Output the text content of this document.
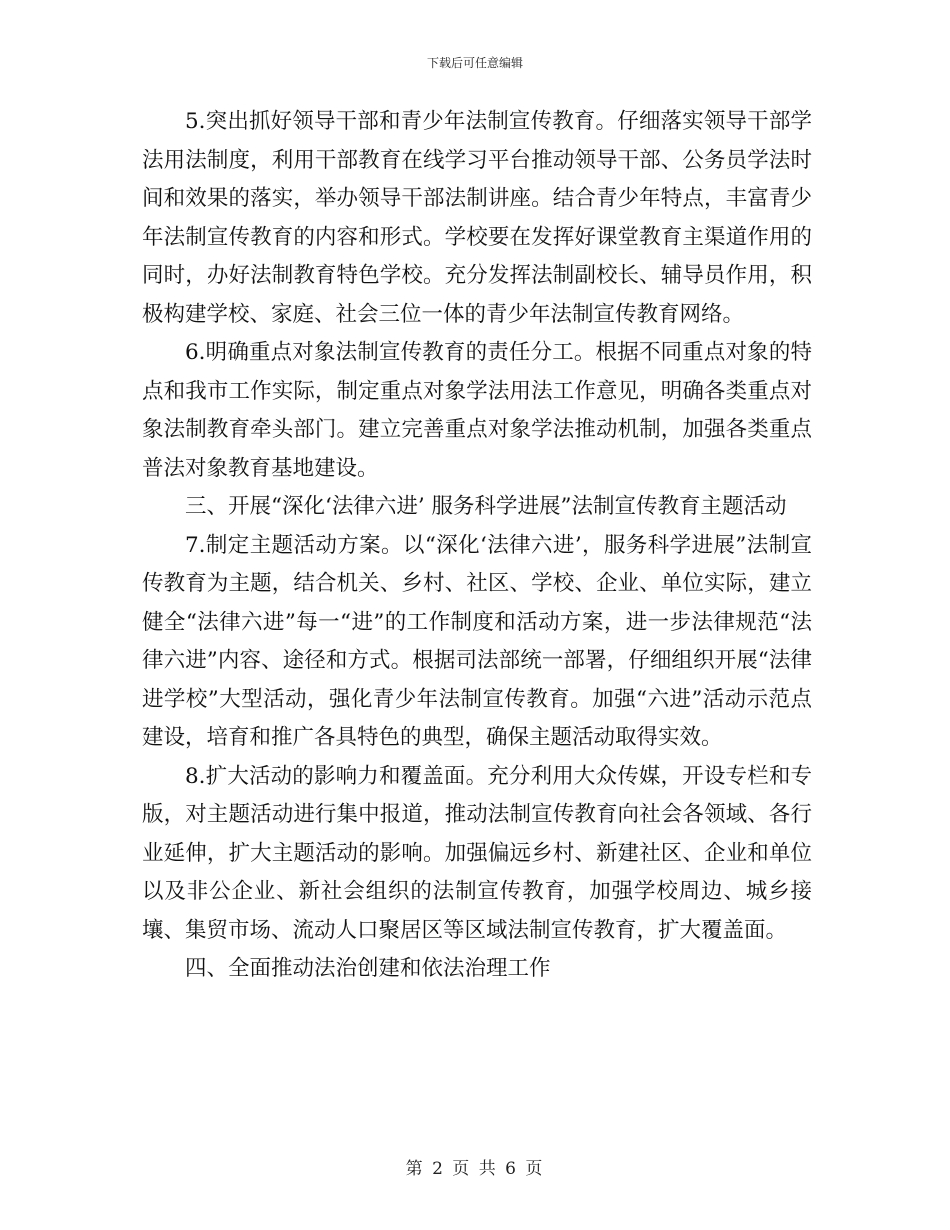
下载后可任意编辑

5.突出抓好领导干部和青少年法制宣传教育。仔细落实领导干部学法用法制度，利用干部教育在线学习平台推动领导干部、公务员学法时间和效果的落实，举办领导干部法制讲座。结合青少年特点，丰富青少年法制宣传教育的内容和形式。学校要在发挥好课堂教育主渠道作用的同时，办好法制教育特色学校。充分发挥法制副校长、辅导员作用，积极构建学校、家庭、社会三位一体的青少年法制宣传教育网络。

6.明确重点对象法制宣传教育的责任分工。根据不同重点对象的特点和我市工作实际，制定重点对象学法用法工作意见，明确各类重点对象法制教育牵头部门。建立完善重点对象学法推动机制，加强各类重点普法对象教育基地建设。

三、开展“深化‘法律六进’ 服务科学进展”法制宣传教育主题活动

7.制定主题活动方案。以“深化‘法律六进’，服务科学进展”法制宣传教育为主题，结合机关、乡村、社区、学校、企业、单位实际，建立健全“法律六进”每一“进”的工作制度和活动方案，进一步法律规范“法律六进”内容、途径和方式。根据司法部统一部署，仔细组织开展“法律进学校”大型活动，强化青少年法制宣传教育。加强“六进”活动示范点建设，培育和推广各具特色的典型，确保主题活动取得实效。

8.扩大活动的影响力和覆盖面。充分利用大众传媒，开设专栏和专版，对主题活动进行集中报道，推动法制宣传教育向社会各领域、各行业延伸，扩大主题活动的影响。加强偏远乡村、新建社区、企业和单位以及非公企业、新社会组织的法制宣传教育，加强学校周边、城乡接壤、集贸市场、流动人口聚居区等区域法制宣传教育，扩大覆盖面。

四、全面推动法治创建和依法治理工作

第 2 页 共 6 页
